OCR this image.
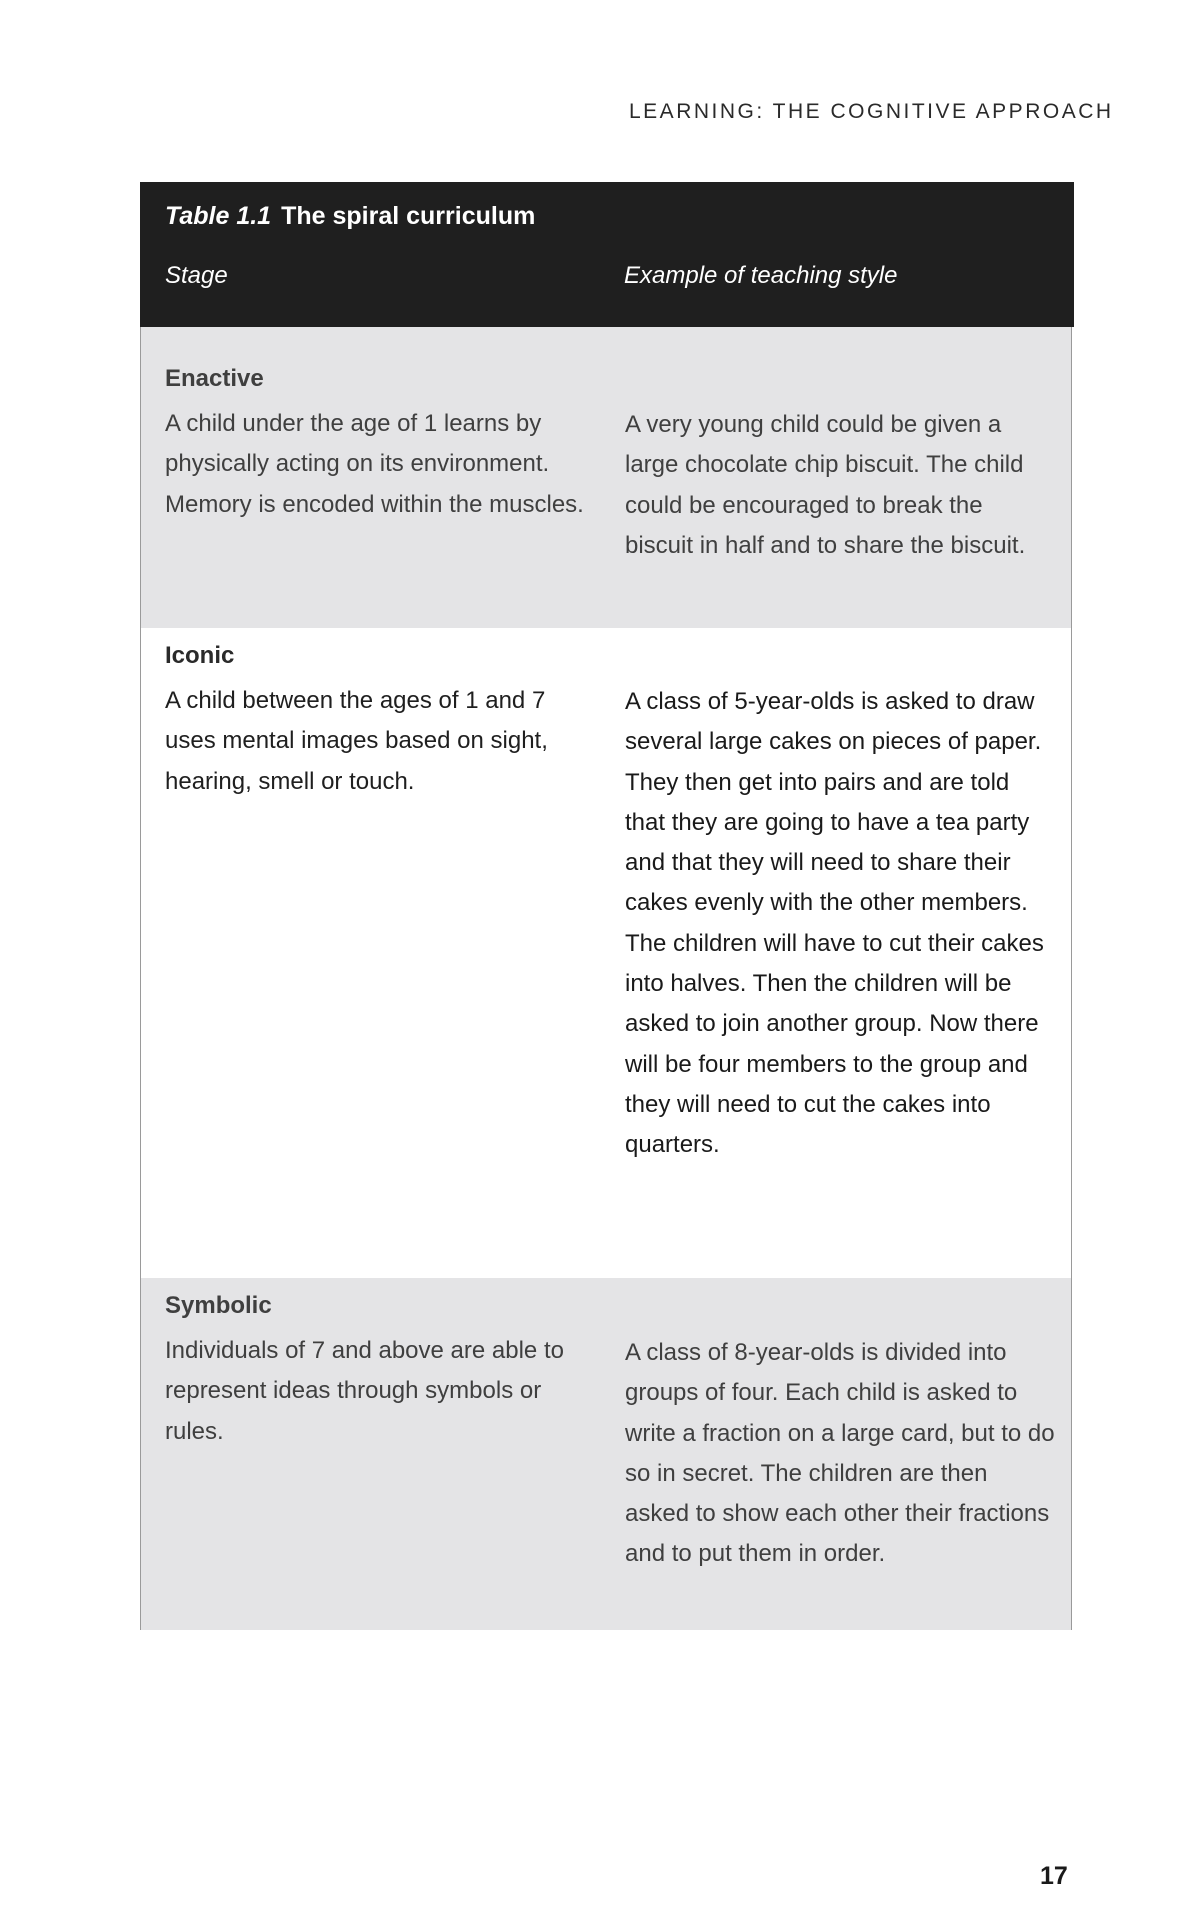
LEARNING: THE COGNITIVE APPROACH
Table 1.1 The spiral curriculum
Stage	Example of teaching style
Enactive
A child under the age of 1 learns by physically acting on its environment. Memory is encoded within the muscles.
A very young child could be given a large chocolate chip biscuit. The child could be encouraged to break the biscuit in half and to share the biscuit.
Iconic
A child between the ages of 1 and 7 uses mental images based on sight, hearing, smell or touch.
A class of 5-year-olds is asked to draw several large cakes on pieces of paper. They then get into pairs and are told that they are going to have a tea party and that they will need to share their cakes evenly with the other members. The children will have to cut their cakes into halves. Then the children will be asked to join another group. Now there will be four members to the group and they will need to cut the cakes into quarters.
Symbolic
Individuals of 7 and above are able to represent ideas through symbols or rules.
A class of 8-year-olds is divided into groups of four. Each child is asked to write a fraction on a large card, but to do so in secret. The children are then asked to show each other their fractions and to put them in order.
17
